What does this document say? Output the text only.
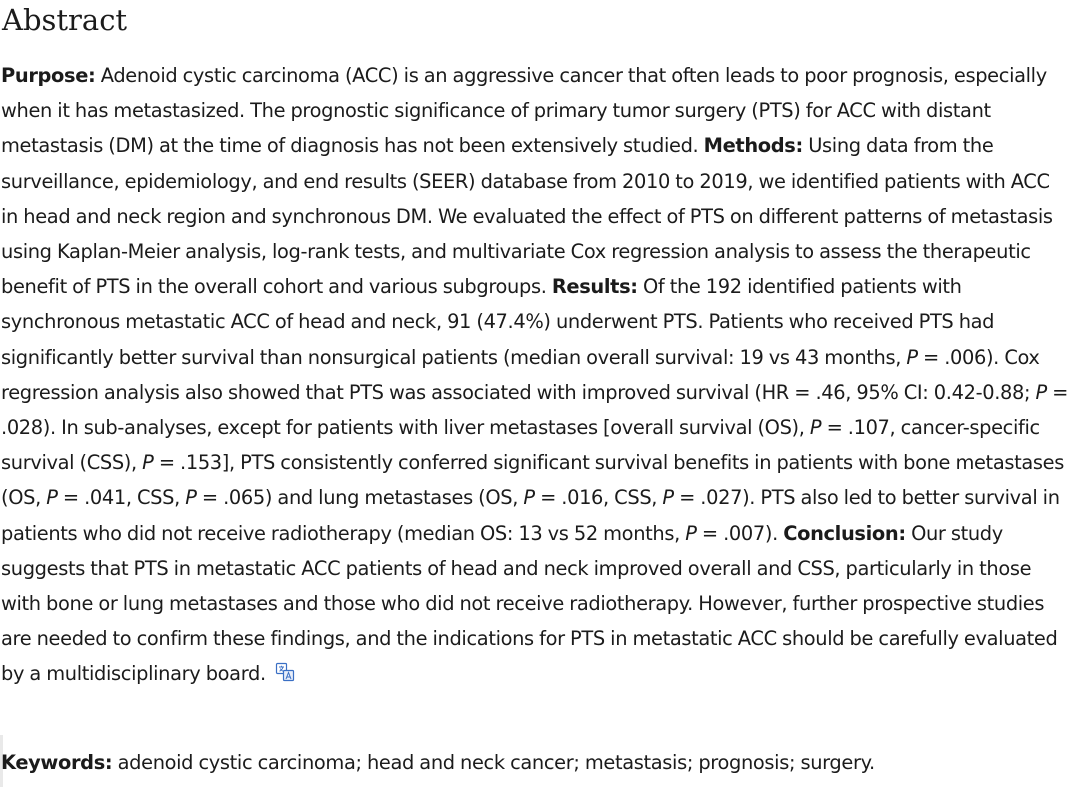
Abstract

Purpose: Adenoid cystic carcinoma (ACC) is an aggressive cancer that often leads to poor prognosis, especially when it has metastasized. The prognostic significance of primary tumor surgery (PTS) for ACC with distant metastasis (DM) at the time of diagnosis has not been extensively studied. Methods: Using data from the surveillance, epidemiology, and end results (SEER) database from 2010 to 2019, we identified patients with ACC in head and neck region and synchronous DM. We evaluated the effect of PTS on different patterns of metastasis using Kaplan-Meier analysis, log-rank tests, and multivariate Cox regression analysis to assess the therapeutic benefit of PTS in the overall cohort and various subgroups. Results: Of the 192 identified patients with synchronous metastatic ACC of head and neck, 91 (47.4%) underwent PTS. Patients who received PTS had significantly better survival than nonsurgical patients (median overall survival: 19 vs 43 months, P = .006). Cox regression analysis also showed that PTS was associated with improved survival (HR = .46, 95% CI: 0.42-0.88; P = .028). In sub-analyses, except for patients with liver metastases [overall survival (OS), P = .107, cancer-specific survival (CSS), P = .153], PTS consistently conferred significant survival benefits in patients with bone metastases (OS, P = .041, CSS, P = .065) and lung metastases (OS, P = .016, CSS, P = .027). PTS also led to better survival in patients who did not receive radiotherapy (median OS: 13 vs 52 months, P = .007). Conclusion: Our study suggests that PTS in metastatic ACC patients of head and neck improved overall and CSS, particularly in those with bone or lung metastases and those who did not receive radiotherapy. However, further prospective studies are needed to confirm these findings, and the indications for PTS in metastatic ACC should be carefully evaluated by a multidisciplinary board.

Keywords: adenoid cystic carcinoma; head and neck cancer; metastasis; prognosis; surgery.
